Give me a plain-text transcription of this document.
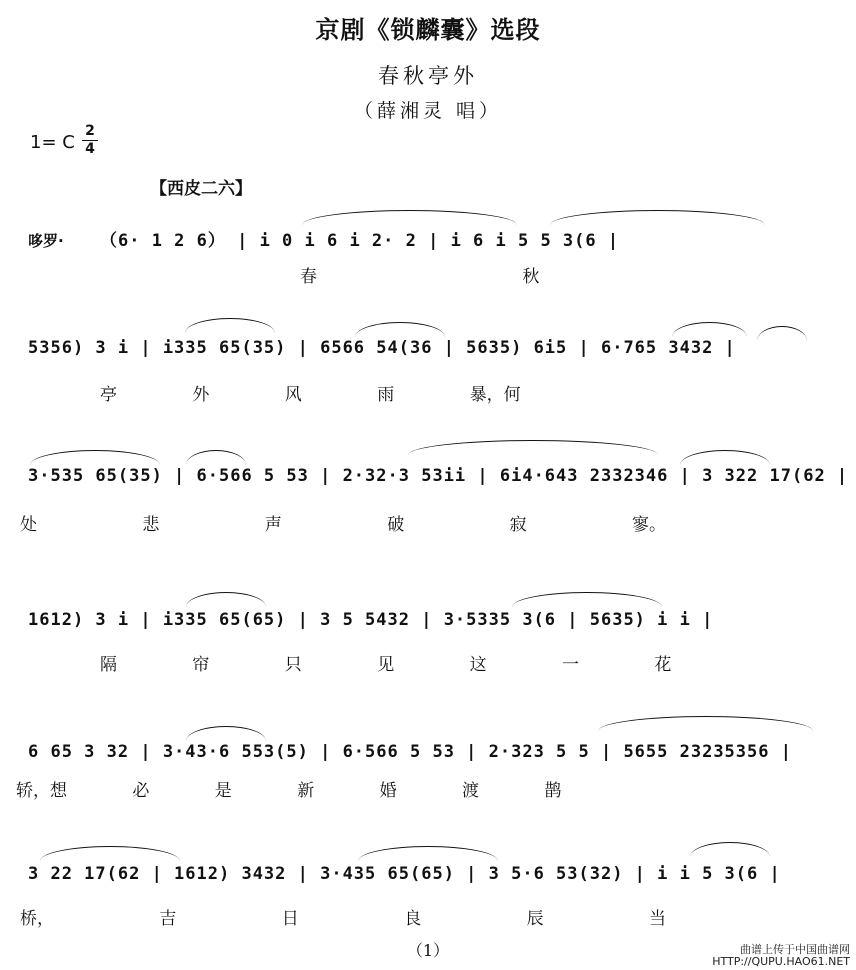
京剧《锁麟囊》选段
春秋亭外
（薛湘灵 唱）
1= C
2
4
【西皮二六】
哆罗· （6· 1 2 6） | i 0 i 6 i 2· 2 | i 6 i 5 5 3(6 |
春 秋
5356) 3 i | i335 65(35) | 6566 54(36 | 5635) 6i5 | 6·765 3432 |
亭 外 风 雨 暴，何
3·535 65(35) | 6·566 5 53 | 2·32·3 53ii | 6i4·643 2332346 | 3 322 17(62 |
处 悲 声 破 寂 寥。
1612) 3 i | i335 65(65) | 3 5 5432 | 3·5335 3(6 | 5635) i i |
隔 帘 只 见 这 一 花
6 65 3 32 | 3·43·6 553(5) | 6·566 5 53 | 2·323 5 5 | 5655 23235356 |
轿，想 必 是 新 婚 渡 鹊
3 22 17(62 | 1612) 3432 | 3·435 65(65) | 3 5·6 53(32) | i i 5 3(6 |
桥， 吉 日 良 辰 当
（1）	曲谱上传于中国曲谱网
HTTP://QUPU.HAO61.NET
